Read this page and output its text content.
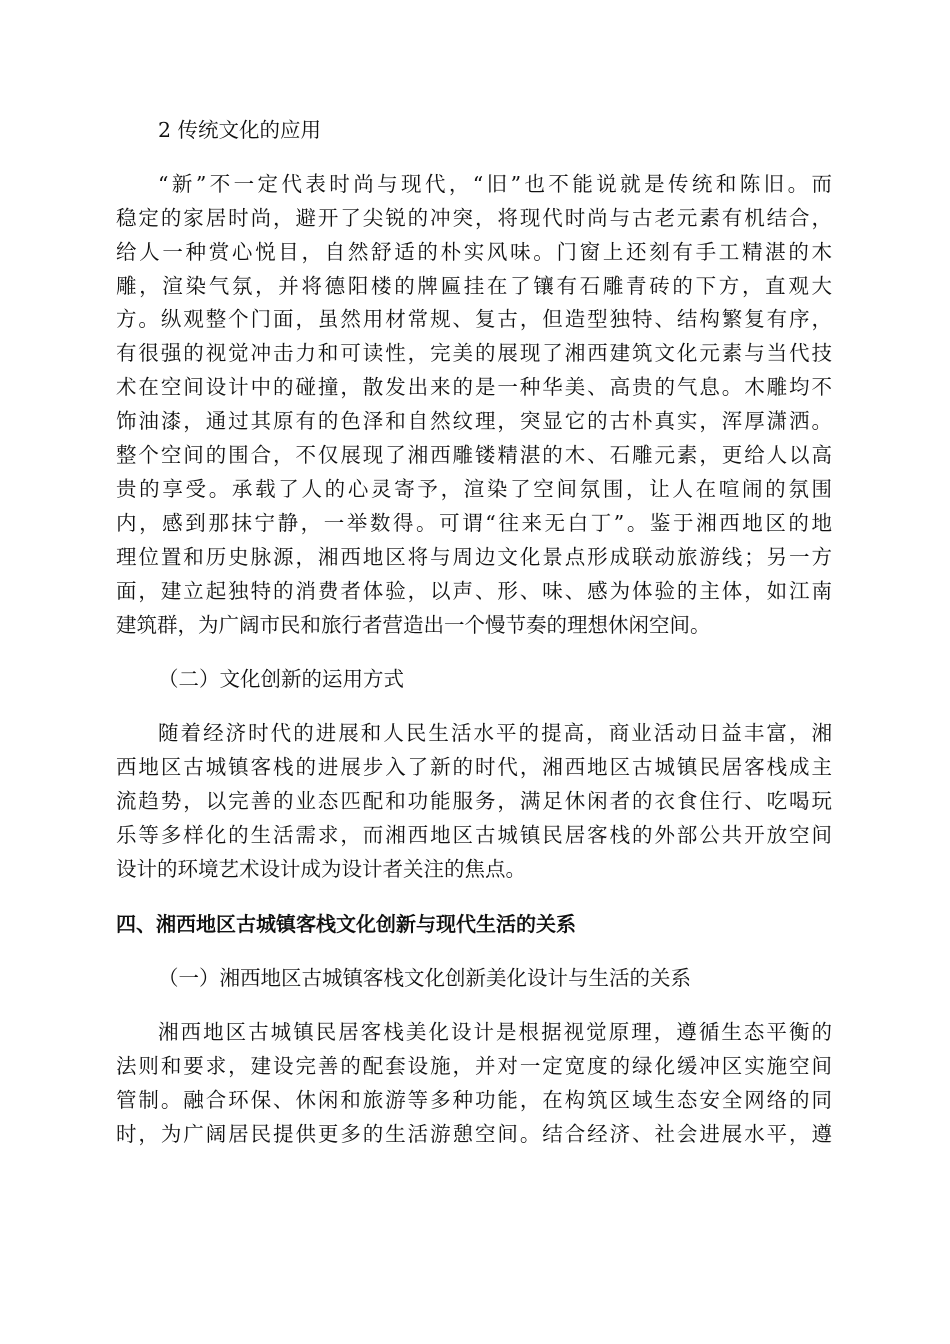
2 传统文化的应用

“新”不一定代表时尚与现代，“旧”也不能说就是传统和陈旧。而

稳定的家居时尚，避开了尖锐的冲突，将现代时尚与古老元素有机结合，

给人一种赏心悦目，自然舒适的朴实风味。门窗上还刻有手工精湛的木

雕，渲染气氛，并将德阳楼的牌匾挂在了镶有石雕青砖的下方，直观大

方。纵观整个门面，虽然用材常规、复古，但造型独特、结构繁复有序，

有很强的视觉冲击力和可读性，完美的展现了湘西建筑文化元素与当代技

术在空间设计中的碰撞，散发出来的是一种华美、高贵的气息。木雕均不

饰油漆，通过其原有的色泽和自然纹理，突显它的古朴真实，浑厚潇洒。

整个空间的围合，不仅展现了湘西雕镂精湛的木、石雕元素，更给人以高

贵的享受。承载了人的心灵寄予，渲染了空间氛围，让人在喧闹的氛围

内，感到那抹宁静，一举数得。可谓“往来无白丁”。鉴于湘西地区的地

理位置和历史脉源，湘西地区将与周边文化景点形成联动旅游线；另一方

面，建立起独特的消费者体验，以声、形、味、感为体验的主体，如江南

建筑群，为广阔市民和旅行者营造出一个慢节奏的理想休闲空间。

（二）文化创新的运用方式

随着经济时代的进展和人民生活水平的提高，商业活动日益丰富，湘

西地区古城镇客栈的进展步入了新的时代，湘西地区古城镇民居客栈成主

流趋势，以完善的业态匹配和功能服务，满足休闲者的衣食住行、吃喝玩

乐等多样化的生活需求，而湘西地区古城镇民居客栈的外部公共开放空间

设计的环境艺术设计成为设计者关注的焦点。

四、湘西地区古城镇客栈文化创新与现代生活的关系

（一）湘西地区古城镇客栈文化创新美化设计与生活的关系

湘西地区古城镇民居客栈美化设计是根据视觉原理，遵循生态平衡的

法则和要求，建设完善的配套设施，并对一定宽度的绿化缓冲区实施空间

管制。融合环保、休闲和旅游等多种功能，在构筑区域生态安全网络的同

时，为广阔居民提供更多的生活游憩空间。结合经济、社会进展水平，遵
